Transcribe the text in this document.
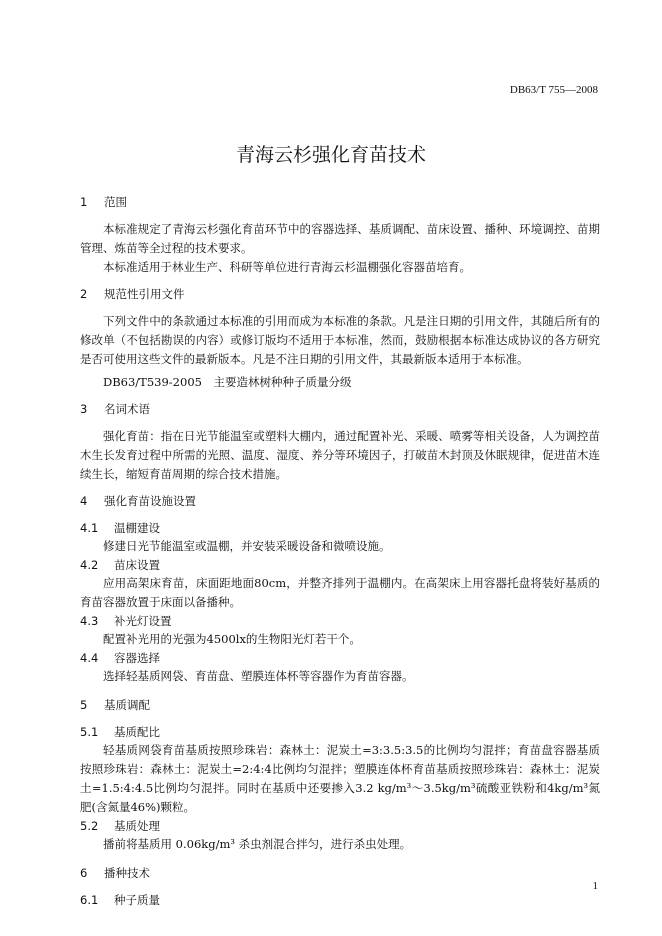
DB63/T 755—2008
青海云杉强化育苗技术
1 范围

本标准规定了青海云杉强化育苗环节中的容器选择、基质调配、苗床设置、播种、环境调控、苗期管理、炼苗等全过程的技术要求。

本标准适用于林业生产、科研等单位进行青海云杉温棚强化容器苗培育。

2 规范性引用文件

下列文件中的条款通过本标准的引用而成为本标准的条款。凡是注日期的引用文件，其随后所有的修改单（不包括勘误的内容）或修订版均不适用于本标准，然而，鼓励根据本标准达成协议的各方研究是否可使用这些文件的最新版本。凡是不注日期的引用文件，其最新版本适用于本标准。

DB63/T539-2005　主要造林树种种子质量分级

3 名词术语

强化育苗：指在日光节能温室或塑料大棚内，通过配置补光、采暖、喷雾等相关设备，人为调控苗木生长发育过程中所需的光照、温度、湿度、养分等环境因子，打破苗木封顶及休眠规律，促进苗木连续生长，缩短育苗周期的综合技术措施。

4 强化育苗设施设置
4.1 温棚建设

修建日光节能温室或温棚，并安装采暖设备和微喷设施。

4.2 苗床设置

应用高架床育苗，床面距地面80cm，并整齐排列于温棚内。在高架床上用容器托盘将装好基质的育苗容器放置于床面以备播种。

4.3 补光灯设置

配置补光用的光强为4500lx的生物阳光灯若干个。

4.4 容器选择

选择轻基质网袋、育苗盘、塑膜连体杯等容器作为育苗容器。

5 基质调配
5.1 基质配比

轻基质网袋育苗基质按照珍珠岩：森林土：泥炭土=3:3.5:3.5的比例均匀混拌；育苗盘容器基质按照珍珠岩：森林土：泥炭土=2:4:4比例均匀混拌；塑膜连体杯育苗基质按照珍珠岩：森林土：泥炭土=1.5:4:4.5比例均匀混拌。同时在基质中还要掺入3.2 kg/m³～3.5kg/m³硫酸亚铁粉和4kg/m³氮肥(含氮量46%)颗粒。

5.2 基质处理

播前将基质用 0.06kg/m³ 杀虫剂混合拌匀，进行杀虫处理。

6 播种技术
6.1 种子质量
1
